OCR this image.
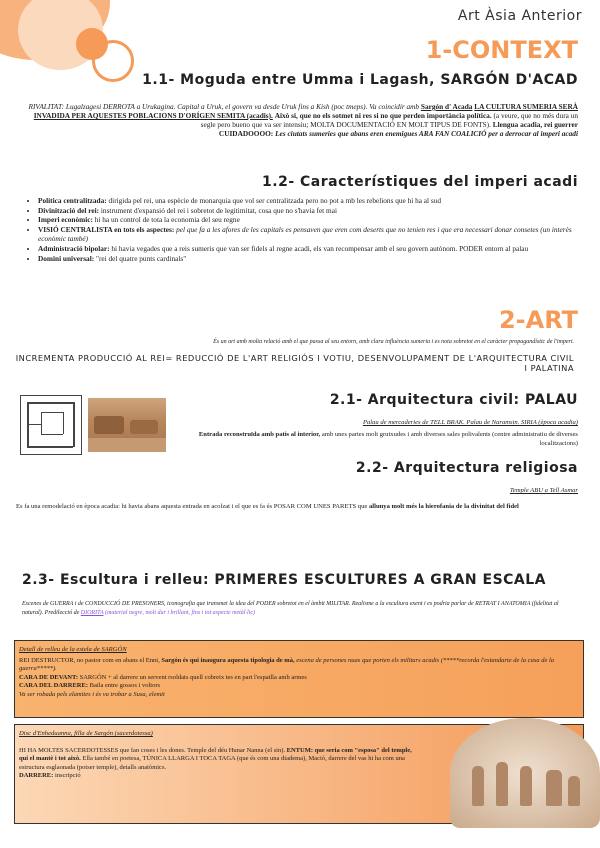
Art Àsia Anterior
1-CONTEXT
1.1- Moguda entre Umma i Lagash, SARGÓN D'ACAD
RIVALITAT: Lugalzagesi DERROTA a Urukagina. Capital a Uruk, el govern va desde Uruk fins a Kish (poc tmeps). Va coincidir amb Sargón d' Acada LA CULTURA SUMERIA SERÀ INVADIDA PER AQUESTES POBLACIONS D'ORÍGEN SEMITA (acadis). Això si, que no els sotmet ni res si no que perden importància política. (a veure, que no més dura un segle pero bueno que va ser intensiu; MOLTA DOCUMENTACIÓ EN MOLT TIPUS DE FONTS). Llengua acadia, rei guerrer
CUIDADOOOO: Les ciutats sumeries que abans eren enemigues ARA FAN COALICIÓ per a derrocar al imperi acadi
1.2- Característiques del imperi acadi
• Política centralitzada: dirigida pel rei, una espècie de monarquia que vol ser centralitzada pero no pot a mb les rebelions que hi ha al sud
• Divinització del rei: instrument d'expansió del rei i sobretot de legitimitat, cosa que no s'havia fet mai
• Imperi econòmic: hi ha un control de tota la economia del seu regne
• VISIÓ CENTRALISTA en tots els aspectes: pel que fa a les afores de les capitals es pensaven que eren com deserts que no tenien res i que era necessari donar consetes (un interès econòmic també)
• Administració bipolar: hi havia vegades que a reis sumeris que van ser fidels al regne acadi, els van recompensar amb el seu govern autònom. PODER entorn al palau
• Domini universal: "rei del quatre punts cardinals"
2-ART
És un art amb molta relació amb el que passa al seu entorn, amb clara influència sumeria i es nota sobretot en el caràcter propagandístic de l'imperi.
INCREMENTA PRODUCCIÓ AL REI= REDUCCIÓ DE L'ART RELIGIÓS I VOTIU, DESENVOLUPAMENT DE L'ARQUITECTURA CIVIL I PALATINA
2.1- Arquitectura civil: PALAU
Palau de mercaderies de TELL BRAK. Palau de Naramsin. SIRIA (època acadia)
Entrada reconstruïda amb patis al interior, amb unes partes molt grutxudes i amb diverses sales polivalents (centre administratiu de diverses localitzacions)
2.2- Arquitectura religiosa
Temple ABU a Tell Asmar
Es fa una remodelació en època acadia: hi havia abans aquesta entrada en acolzat i el que es fa és POSAR COM UNES PARETS que allunya molt més la hierofania de la divinitat del fidel
2.3- Escultura i relleu: PRIMERES ESCULTURES A GRAN ESCALA
Escenes de GUERRA i de CONDUCCIÓ DE PRESONERS, iconografia que transmet la idea del PODER sobretot en el àmbit MILITAR. Realisme a la escultura exent i es podria parlar de RETRAT I ANATOMIA (fidelitat al natural). Predilecció de DIORITA (material negre, molt dur i brillant, fins i tot aspecte metàl·lic)
Detall de relleu de la estela de SARGÓN
REI DESTRUCTOR, no pastor com en abans el Enni, Sargón és qui inaugura aquesta tipologia de mà, escena de persones nuas que porten els militars acadis (*****recorda l'estandarte de la casa de la guerra*****).
CARA DE DEVANT: SARGÓN + al darrere un servent rsoldats quell cobreix tes en part l'espatlla amb armes
CARA DEL DARRERE: Baila entre gossos i voltors
Va ser robada pels elamites i és va trobar a Susa, elemit
Disc d'Enheduanna, filla de Sargón (sacerdotessa)
HI HA MOLTES SACERDOTESSES que fan coses i les dones. Temple del déu Hunar Nanna (el sin). ENTUM: que seria com "esposa" del temple, qui el mantè i tot això. Ella també en poetesa, TÚNICA LLARGA I TOCA TAGA (que és com una diadema), Mació, darrere del vas hi ha com una estructura esglaonada (potser temple), detalls anatòmics.
DARRERE: inscripció
